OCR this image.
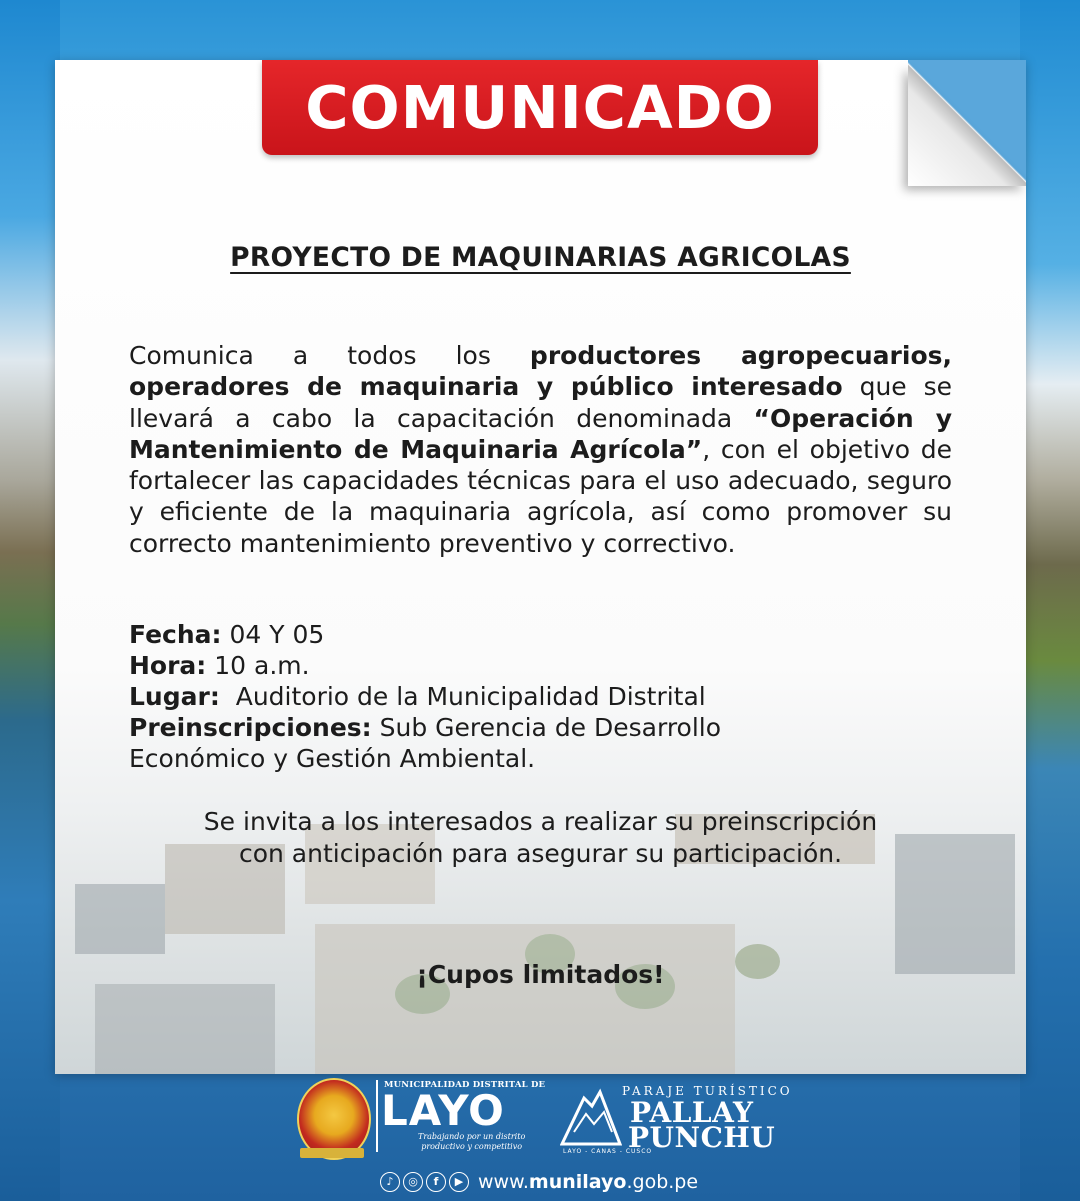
COMUNICADO
PROYECTO DE MAQUINARIAS AGRICOLAS
Comunica a todos los productores agropecuarios, operadores de maquinaria y público interesado que se llevará a cabo la capacitación denominada “Operación y Mantenimiento de Maquinaria Agrícola”, con el objetivo de fortalecer las capacidades técnicas para el uso adecuado, seguro y eficiente de la maquinaria agrícola, así como promover su correcto mantenimiento preventivo y correctivo.
Fecha: 04 Y 05
Hora: 10 a.m.
Lugar:  Auditorio de la Municipalidad Distrital
Preinscripciones: Sub Gerencia de Desarrollo
Económico y Gestión Ambiental.
Se invita a los interesados a realizar su preinscripción
con anticipación para asegurar su participación.
¡Cupos limitados!
MUNICIPALIDAD DISTRITAL DE
LAYO
Trabajando por un distrito
productivo y competitivo
PARAJE TURÍSTICO
PALLAY
PUNCHU
LAYO - CANAS - CUSCO
♪	◎	f	▶ www.munilayo.gob.pe
